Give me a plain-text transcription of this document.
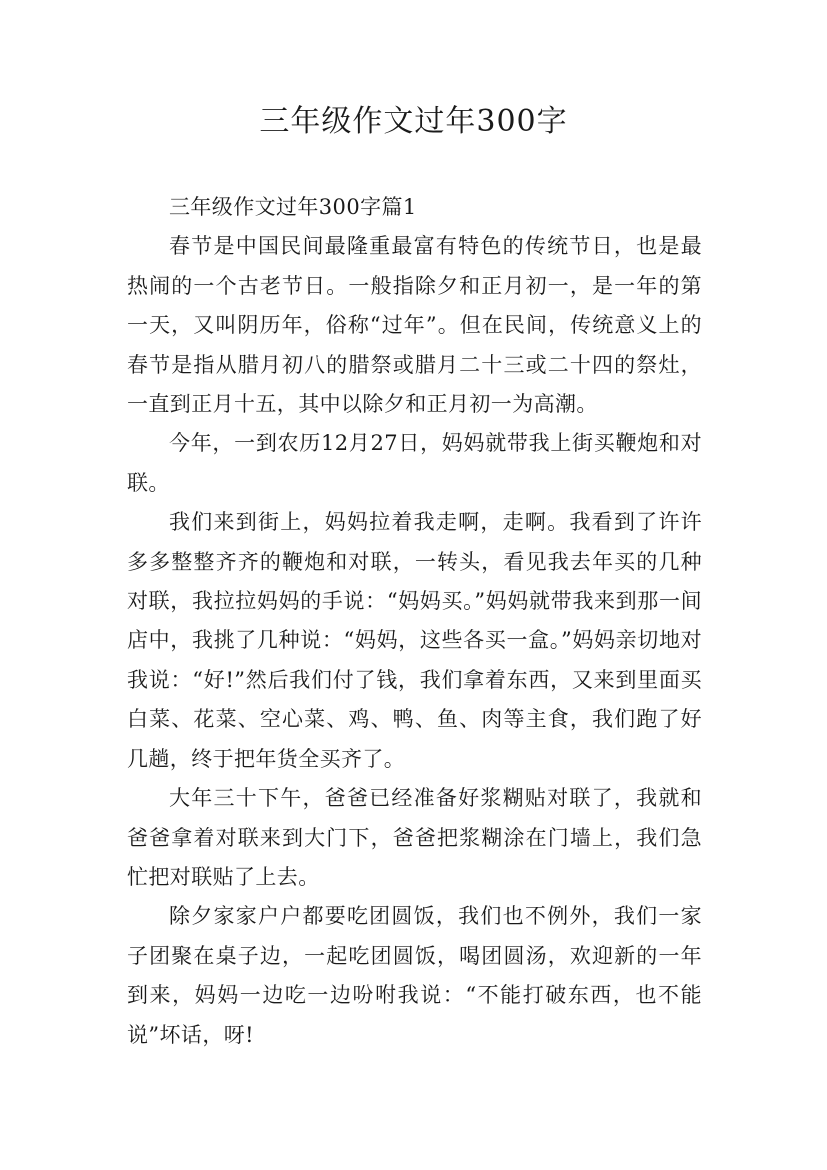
三年级作文过年300字

三年级作文过年300字篇1

春节是中国民间最隆重最富有特色的传统节日，也是最热闹的一个古老节日。一般指除夕和正月初一，是一年的第一天，又叫阴历年，俗称“过年”。但在民间，传统意义上的春节是指从腊月初八的腊祭或腊月二十三或二十四的祭灶，一直到正月十五，其中以除夕和正月初一为高潮。

今年，一到农历12月27日，妈妈就带我上街买鞭炮和对联。

我们来到街上，妈妈拉着我走啊，走啊。我看到了许许多多整整齐齐的鞭炮和对联，一转头，看见我去年买的几种对联，我拉拉妈妈的手说：“妈妈买。”妈妈就带我来到那一间店中，我挑了几种说：“妈妈，这些各买一盒。”妈妈亲切地对我说：“好!”然后我们付了钱，我们拿着东西，又来到里面买白菜、花菜、空心菜、鸡、鸭、鱼、肉等主食，我们跑了好几趟，终于把年货全买齐了。

大年三十下午，爸爸已经准备好浆糊贴对联了，我就和爸爸拿着对联来到大门下，爸爸把浆糊涂在门墙上，我们急忙把对联贴了上去。

除夕家家户户都要吃团圆饭，我们也不例外，我们一家子团聚在桌子边，一起吃团圆饭，喝团圆汤，欢迎新的一年到来，妈妈一边吃一边吩咐我说：“不能打破东西，也不能说”坏话，呀!
